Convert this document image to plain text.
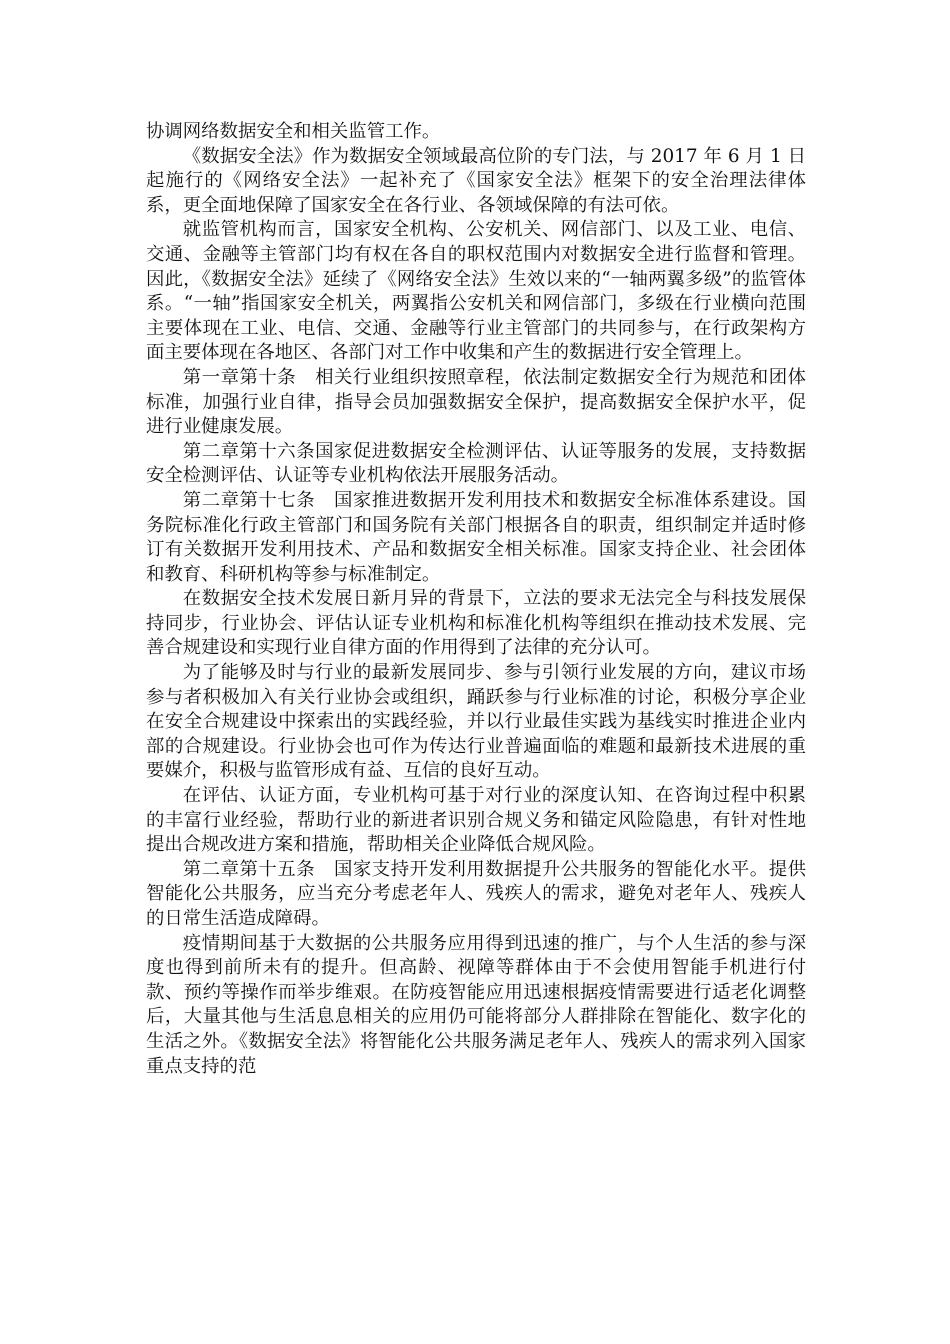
协调网络数据安全和相关监管工作。

《数据安全法》作为数据安全领域最高位阶的专门法，与 2017 年 6 月 1 日起施行的《网络安全法》一起补充了《国家安全法》框架下的安全治理法律体系，更全面地保障了国家安全在各行业、各领域保障的有法可依。

就监管机构而言，国家安全机构、公安机关、网信部门、以及工业、电信、交通、金融等主管部门均有权在各自的职权范围内对数据安全进行监督和管理。因此，《数据安全法》延续了《网络安全法》生效以来的“一轴两翼多级”的监管体系。“一轴”指国家安全机关，两翼指公安机关和网信部门，多级在行业横向范围主要体现在工业、电信、交通、金融等行业主管部门的共同参与，在行政架构方面主要体现在各地区、各部门对工作中收集和产生的数据进行安全管理上。

第一章第十条　相关行业组织按照章程，依法制定数据安全行为规范和团体标准，加强行业自律，指导会员加强数据安全保护，提高数据安全保护水平，促进行业健康发展。

第二章第十六条国家促进数据安全检测评估、认证等服务的发展，支持数据安全检测评估、认证等专业机构依法开展服务活动。

第二章第十七条　国家推进数据开发利用技术和数据安全标准体系建设。国务院标准化行政主管部门和国务院有关部门根据各自的职责，组织制定并适时修订有关数据开发利用技术、产品和数据安全相关标准。国家支持企业、社会团体和教育、科研机构等参与标准制定。

在数据安全技术发展日新月异的背景下，立法的要求无法完全与科技发展保持同步，行业协会、评估认证专业机构和标准化机构等组织在推动技术发展、完善合规建设和实现行业自律方面的作用得到了法律的充分认可。

为了能够及时与行业的最新发展同步、参与引领行业发展的方向，建议市场参与者积极加入有关行业协会或组织，踊跃参与行业标准的讨论，积极分享企业在安全合规建设中探索出的实践经验，并以行业最佳实践为基线实时推进企业内部的合规建设。行业协会也可作为传达行业普遍面临的难题和最新技术进展的重要媒介，积极与监管形成有益、互信的良好互动。

在评估、认证方面，专业机构可基于对行业的深度认知、在咨询过程中积累的丰富行业经验，帮助行业的新进者识别合规义务和锚定风险隐患，有针对性地提出合规改进方案和措施，帮助相关企业降低合规风险。

第二章第十五条　国家支持开发利用数据提升公共服务的智能化水平。提供智能化公共服务，应当充分考虑老年人、残疾人的需求，避免对老年人、残疾人的日常生活造成障碍。

疫情期间基于大数据的公共服务应用得到迅速的推广，与个人生活的参与深度也得到前所未有的提升。但高龄、视障等群体由于不会使用智能手机进行付款、预约等操作而举步维艰。在防疫智能应用迅速根据疫情需要进行适老化调整后，大量其他与生活息息相关的应用仍可能将部分人群排除在智能化、数字化的生活之外。《数据安全法》将智能化公共服务满足老年人、残疾人的需求列入国家重点支持的范
